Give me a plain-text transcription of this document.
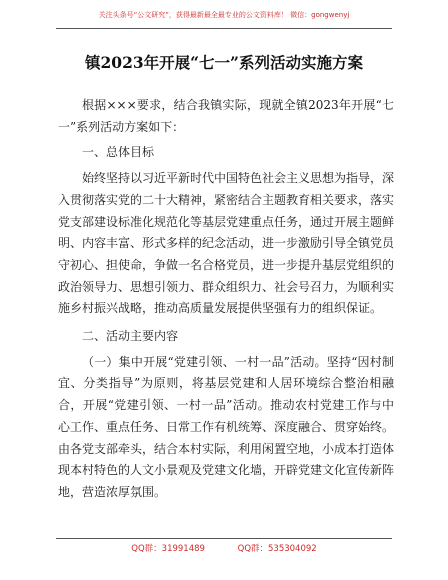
关注头条号“公文研究”，获得最新最全最专业的公文资料库！ 微信：gongwenyj
镇2023年开展“七一”系列活动实施方案

根据×××要求，结合我镇实际，现就全镇2023年开展“七一”系列活动方案如下：

一、总体目标

始终坚持以习近平新时代中国特色社会主义思想为指导，深入贯彻落实党的二十大精神，紧密结合主题教育相关要求，落实党支部建设标准化规范化等基层党建重点任务，通过开展主题鲜明、内容丰富、形式多样的纪念活动，进一步激励引导全镇党员守初心、担使命，争做一名合格党员，进一步提升基层党组织的政治领导力、思想引领力、群众组织力、社会号召力，为顺利实施乡村振兴战略，推动高质量发展提供坚强有力的组织保证。

二、活动主要内容

（一）集中开展“党建引领、一村一品”活动。坚持“因村制宜、分类指导”为原则，将基层党建和人居环境综合整治相融合，开展“党建引领、一村一品”活动。推动农村党建工作与中心工作、重点任务、日常工作有机统筹、深度融合、贯穿始终。由各党支部牵头，结合本村实际，利用闲置空地，小成本打造体现本村特色的人文小景观及党建文化墙，开辟党建文化宣传新阵地，营造浓厚氛围。

QQ群：31991489	QQ群：535304092
